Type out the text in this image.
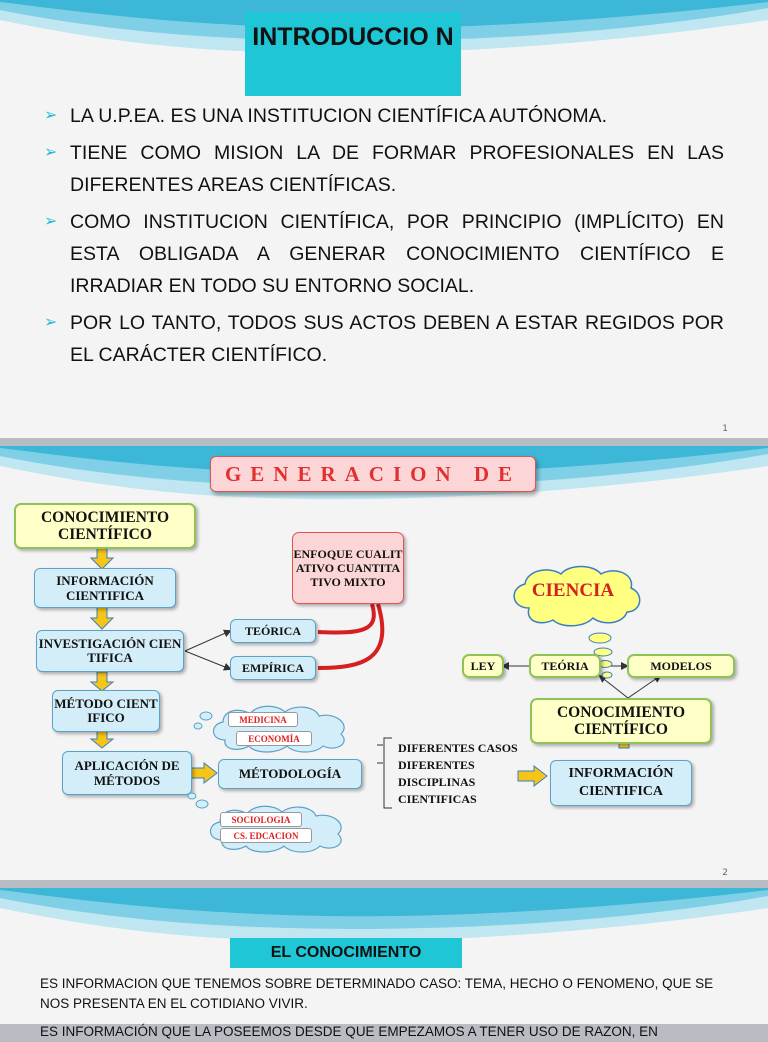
INTRODUCCIO N
➢ LA U.P.EA. ES UNA INSTITUCION CIENTÍFICA AUTÓNOMA.
➢ TIENE COMO MISION LA DE FORMAR PROFESIONALES EN LAS DIFERENTES AREAS CIENTÍFICAS.
➢ COMO INSTITUCION CIENTÍFICA, POR PRINCIPIO (IMPLÍCITO) EN ESTA OBLIGADA A GENERAR CONOCIMIENTO CIENTÍFICO E IRRADIAR EN TODO SU ENTORNO SOCIAL.
➢ POR LO TANTO, TODOS SUS ACTOS DEBEN A ESTAR REGIDOS POR EL CARÁCTER CIENTÍFICO.
1
GENERACION DE
CONOCIMIENTO CIENTÍFICO
INFORMACIÓN CIENTIFICA
INVESTIGACIÓN CIENTIFICA
MÉTODO CIENTIFICO
APLICACIÓN DE MÉTODOS
TEÓRICA
EMPÍRICA
ENFOQUE CUALITATIVO CUANTITATIVO MIXTO
MÉTODOLOGÍA
MEDICINA
ECONOMÍA
SOCIOLOGIA
CS. EDCACION
DIFERENTES CASOS DIFERENTES DISCIPLINAS CIENTIFICAS
CIENCIA
LEY	TEÓRIA	MODELOS
CONOCIMIENTO CIENTÍFICO
INFORMACIÓN CIENTIFICA
2
EL CONOCIMIENTO
ES INFORMACION QUE TENEMOS SOBRE DETERMINADO CASO: TEMA, HECHO O FENOMENO, QUE SE NOS PRESENTA EN EL COTIDIANO VIVIR.
ES INFORMACIÓN QUE LA POSEEMOS DESDE QUE EMPEZAMOS A TENER USO DE RAZON, EN
